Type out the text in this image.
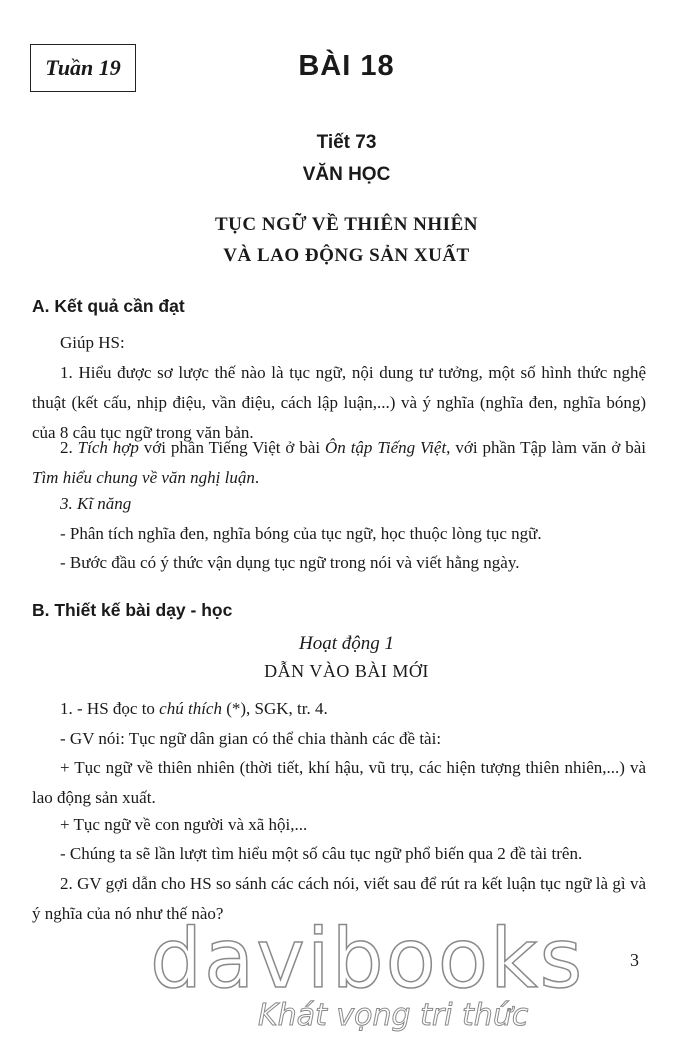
Tuần 19	BÀI 18
Tiết 73
VĂN HỌC
TỤC NGỮ VỀ THIÊN NHIÊN
VÀ LAO ĐỘNG SẢN XUẤT
A. Kết quả cần đạt
Giúp HS:
1. Hiểu được sơ lược thế nào là tục ngữ, nội dung tư tưởng, một số hình thức nghệ thuật (kết cấu, nhịp điệu, vần điệu, cách lập luận,...) và ý nghĩa (nghĩa đen, nghĩa bóng) của 8 câu tục ngữ trong văn bản.
2. Tích hợp với phần Tiếng Việt ở bài Ôn tập Tiếng Việt, với phần Tập làm văn ở bài Tìm hiểu chung về văn nghị luận.
3. Kĩ năng
- Phân tích nghĩa đen, nghĩa bóng của tục ngữ, học thuộc lòng tục ngữ.
- Bước đầu có ý thức vận dụng tục ngữ trong nói và viết hằng ngày.
B. Thiết kế bài dạy - học
Hoạt động 1
DẪN VÀO BÀI MỚI
1. - HS đọc to chú thích (*), SGK, tr. 4.
- GV nói: Tục ngữ dân gian có thể chia thành các đề tài:
+ Tục ngữ về thiên nhiên (thời tiết, khí hậu, vũ trụ, các hiện tượng thiên nhiên,...) và lao động sản xuất.
+ Tục ngữ về con người và xã hội,...
- Chúng ta sẽ lần lượt tìm hiểu một số câu tục ngữ phổ biến qua 2 đề tài trên.
2. GV gợi dẫn cho HS so sánh các cách nói, viết sau để rút ra kết luận tục ngữ là gì và ý nghĩa của nó như thế nào?
3
davibooks
Khát vọng tri thức
